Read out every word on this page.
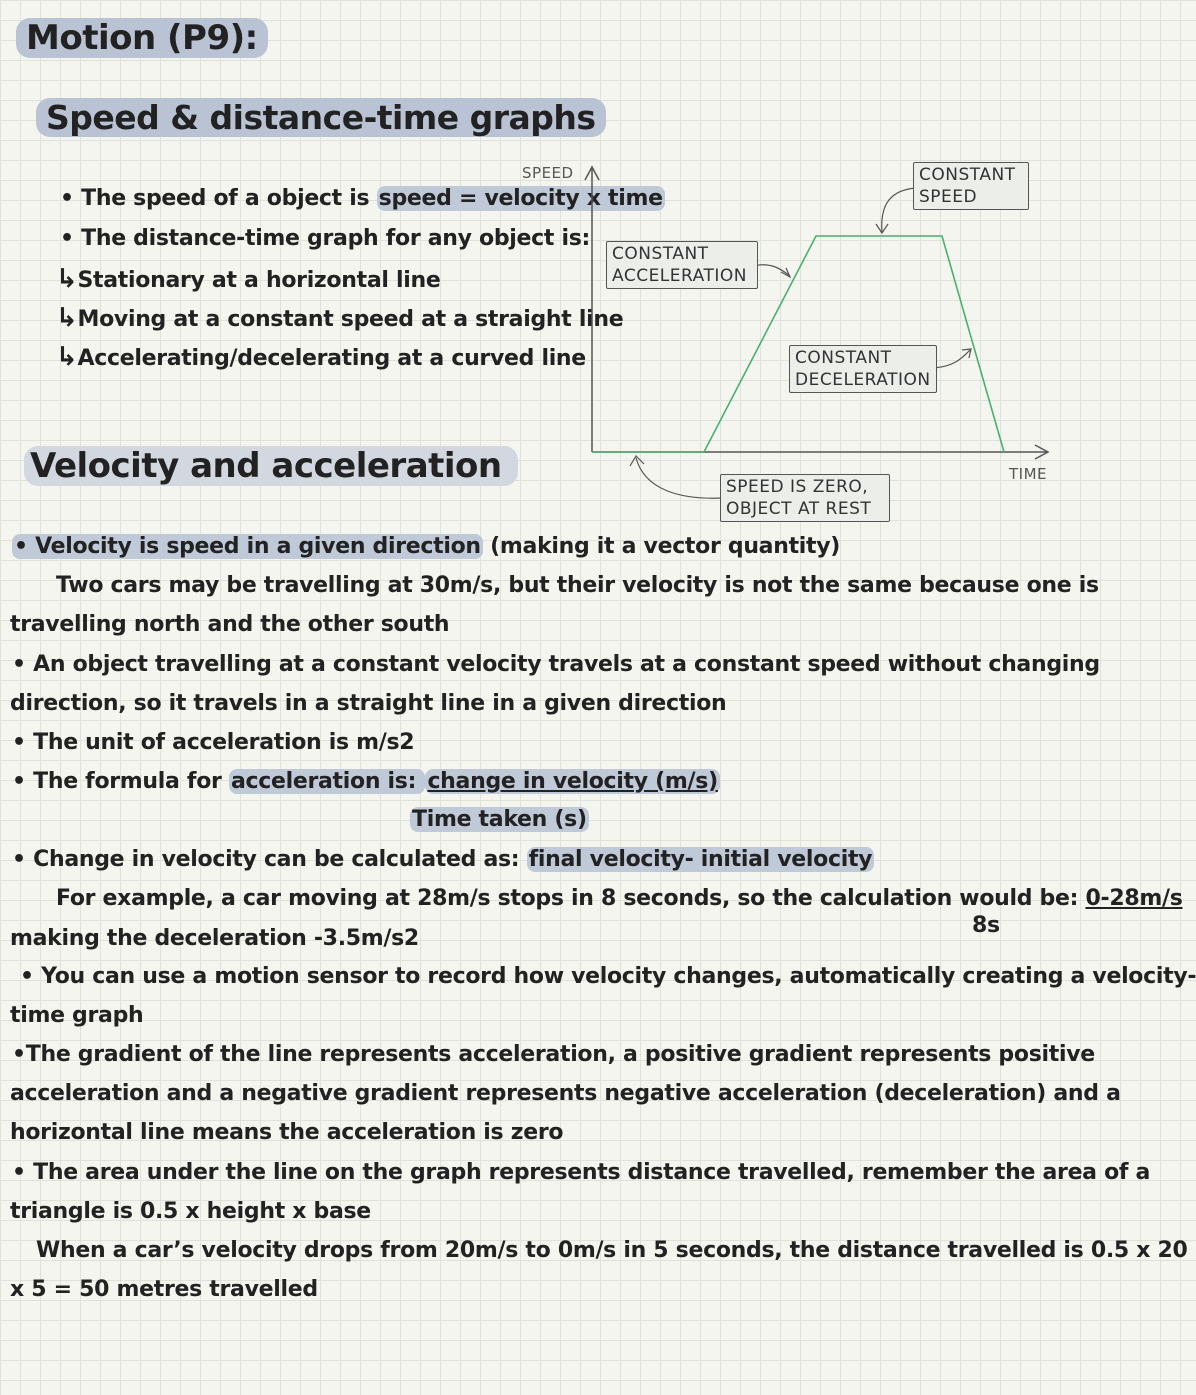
Motion (P9):
Speed & distance-time graphs
Velocity and acceleration
• The speed of a object is speed = velocity x time
• The distance-time graph for any object is:
↳Stationary at a horizontal line
↳Moving at a constant speed at a straight line
↳Accelerating/decelerating at a curved line
SPEED
TIME
CONSTANT
ACCELERATION
CONSTANT
SPEED
CONSTANT
DECELERATION
SPEED IS ZERO,
OBJECT AT REST
• Velocity is speed in a given direction (making it a vector quantity)
Two cars may be travelling at 30m/s, but their velocity is not the same because one is
travelling north and the other south
• An object travelling at a constant velocity travels at a constant speed without changing
direction, so it travels in a straight line in a given direction
• The unit of acceleration is m/s2
• The formula for acceleration is: change in velocity (m/s)
Time taken (s)
• Change in velocity can be calculated as: final velocity- initial velocity
For example, a car moving at 28m/s stops in 8 seconds, so the calculation would be: 0-28m/s
8s
making the deceleration -3.5m/s2
• You can use a motion sensor to record how velocity changes, automatically creating a velocity-
time graph
•The gradient of the line represents acceleration, a positive gradient represents positive
acceleration and a negative gradient represents negative acceleration (deceleration) and a
horizontal line means the acceleration is zero
• The area under the line on the graph represents distance travelled, remember the area of a
triangle is 0.5 x height x base
When a car’s velocity drops from 20m/s to 0m/s in 5 seconds, the distance travelled is 0.5 x 20
x 5 = 50 metres travelled
